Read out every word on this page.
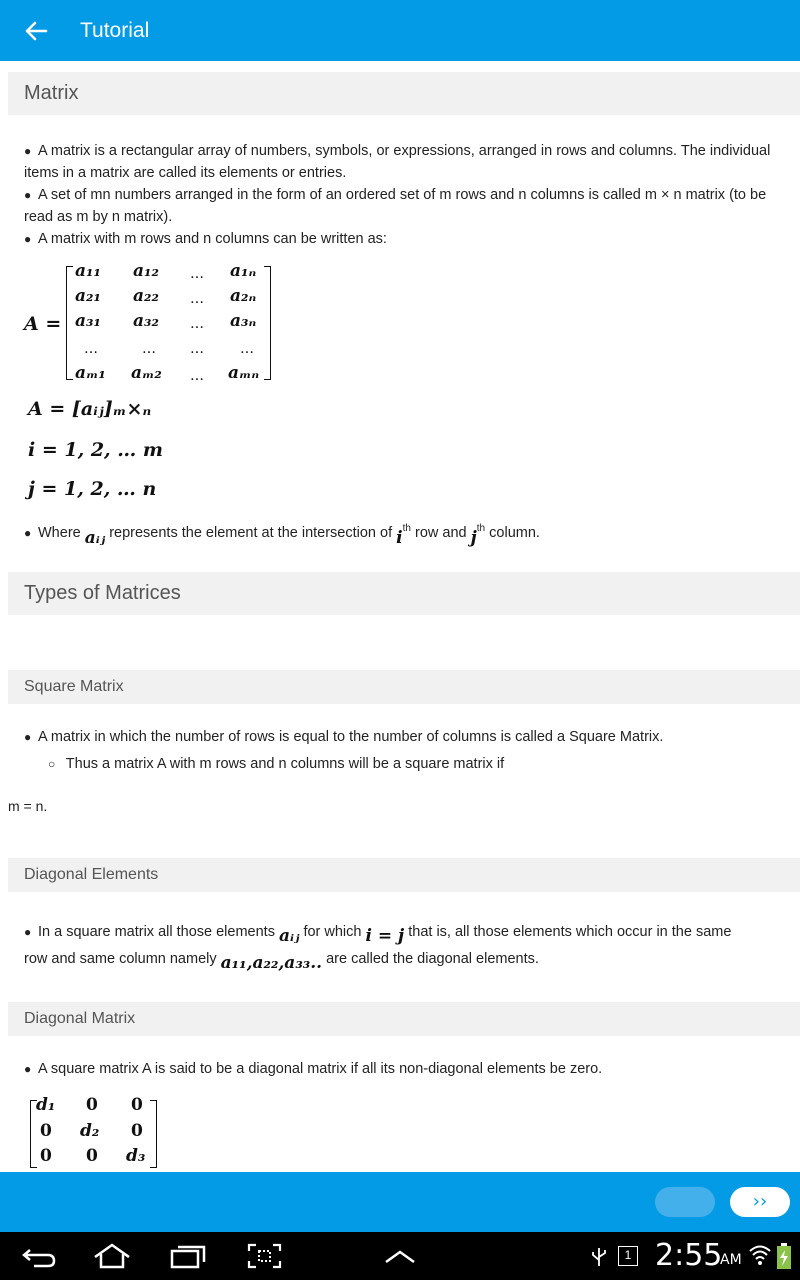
Tutorial
Matrix
● A matrix is a rectangular array of numbers, symbols, or expressions, arranged in rows and columns. The individual items in a matrix are called its elements or entries.
● A set of mn numbers arranged in the form of an ordered set of m rows and n columns is called m × n matrix (to be read as m by n matrix).
● A matrix with m rows and n columns can be written as:
A =
a₁₁ a₁₂ … a₁ₙ
a₂₁ a₂₂ … a₂ₙ
a₃₁ a₃₂ … a₃ₙ
…	… …	…
aₘ₁ aₘ₂ … aₘₙ
A = [aᵢⱼ]ₘ×ₙ
i = 1, 2, … m
j = 1, 2, … n
● Where aᵢⱼ represents the element at the intersection of $i^{th}$ row and $j^{th}$ column.
Types of Matrices
Square Matrix
● A matrix in which the number of rows is equal to the number of columns is called a Square Matrix.
○ Thus a matrix A with m rows and n columns will be a square matrix if
m = n.
Diagonal Elements
● In a square matrix all those elements aᵢⱼ for which i = j that is, all those elements which occur in the same
row and same column namely a₁₁,a₂₂,a₃₃.. are called the diagonal elements.
Diagonal Matrix
● A square matrix A is said to be a diagonal matrix if all its non-diagonal elements be zero.
d₁ 0 0
0 d₂ 0
0 0 d₃
››
1 2:55
AM
